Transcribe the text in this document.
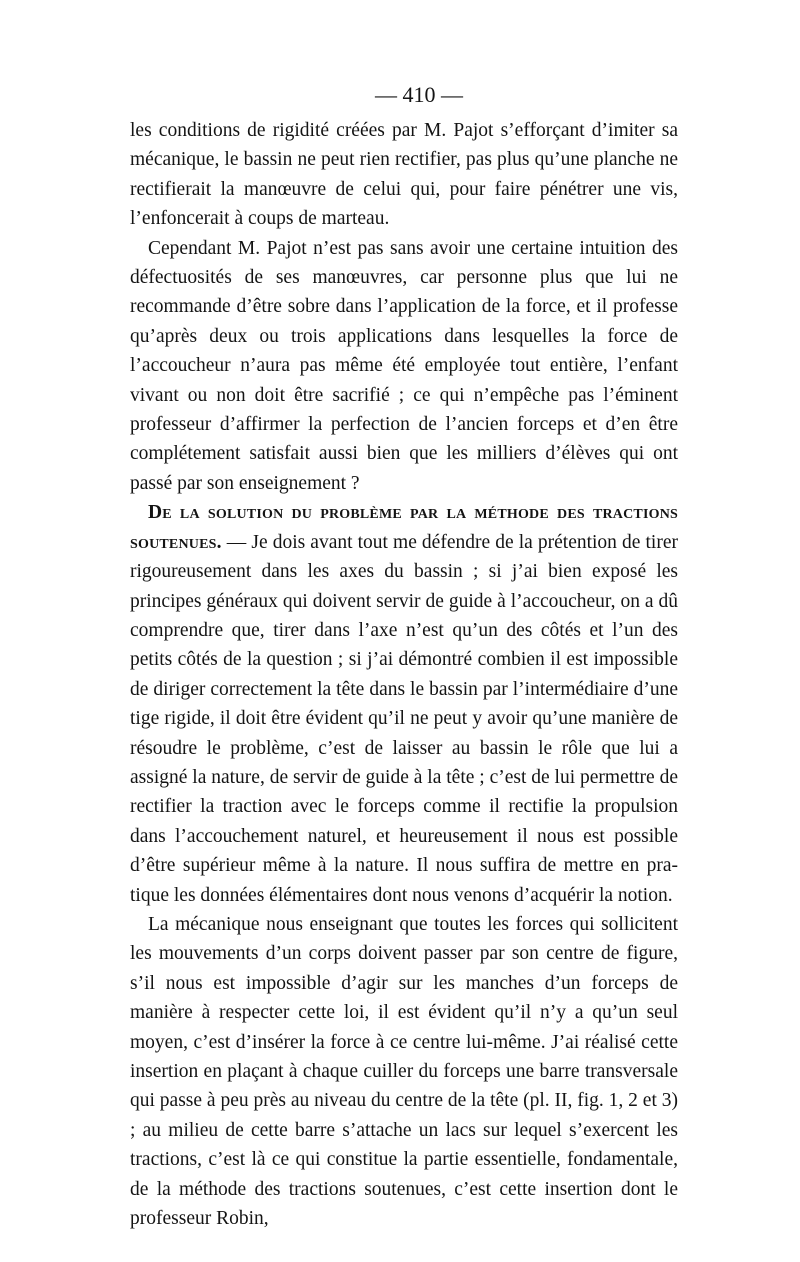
— 410 —

les conditions de rigidité créées par M. Pajot s’efforçant d’imiter sa mécanique, le bassin ne peut rien rectifier, pas plus qu’une planche ne rectifierait la manœuvre de celui qui, pour faire pénétrer une vis, l’enfoncerait à coups de marteau.

Cependant M. Pajot n’est pas sans avoir une certaine intuition des défectuosités de ses manœuvres, car personne plus que lui ne recommande d’être sobre dans l’application de la force, et il professe qu’après deux ou trois applications dans lesquelles la force de l’accoucheur n’aura pas même été employée tout entière, l’enfant vivant ou non doit être sacrifié ; ce qui n’empêche pas l’éminent professeur d’affirmer la perfection de l’ancien forceps et d’en être complétement satisfait aussi bien que les milliers d’élèves qui ont passé par son enseignement ?

De la solution du problème par la méthode des tractions soutenues. — Je dois avant tout me défendre de la prétention de tirer rigoureusement dans les axes du bassin ; si j’ai bien exposé les principes généraux qui doivent servir de guide à l’accoucheur, on a dû comprendre que, tirer dans l’axe n’est qu’un des côtés et l’un des petits côtés de la question ; si j’ai démontré combien il est impossible de diriger correctement la tête dans le bassin par l’intermédiaire d’une tige rigide, il doit être évident qu’il ne peut y avoir qu’une manière de résoudre le problème, c’est de laisser au bassin le rôle que lui a assigné la nature, de servir de guide à la tête ; c’est de lui permettre de rectifier la traction avec le forceps comme il rectifie la propulsion dans l’accouchement naturel, et heureusement il nous est possible d’être supérieur même à la nature. Il nous suffira de mettre en pratique les données élémentaires dont nous venons d’acquérir la notion.

La mécanique nous enseignant que toutes les forces qui sollicitent les mouvements d’un corps doivent passer par son centre de figure, s’il nous est impossible d’agir sur les manches d’un forceps de manière à respecter cette loi, il est évident qu’il n’y a qu’un seul moyen, c’est d’insérer la force à ce centre lui-même. J’ai réalisé cette insertion en plaçant à chaque cuiller du forceps une barre transversale qui passe à peu près au niveau du centre de la tête (pl. II, fig. 1, 2 et 3) ; au milieu de cette barre s’attache un lacs sur lequel s’exercent les tractions, c’est là ce qui constitue la partie essentielle, fondamentale, de la méthode des tractions soutenues, c’est cette insertion dont le professeur Robin,
